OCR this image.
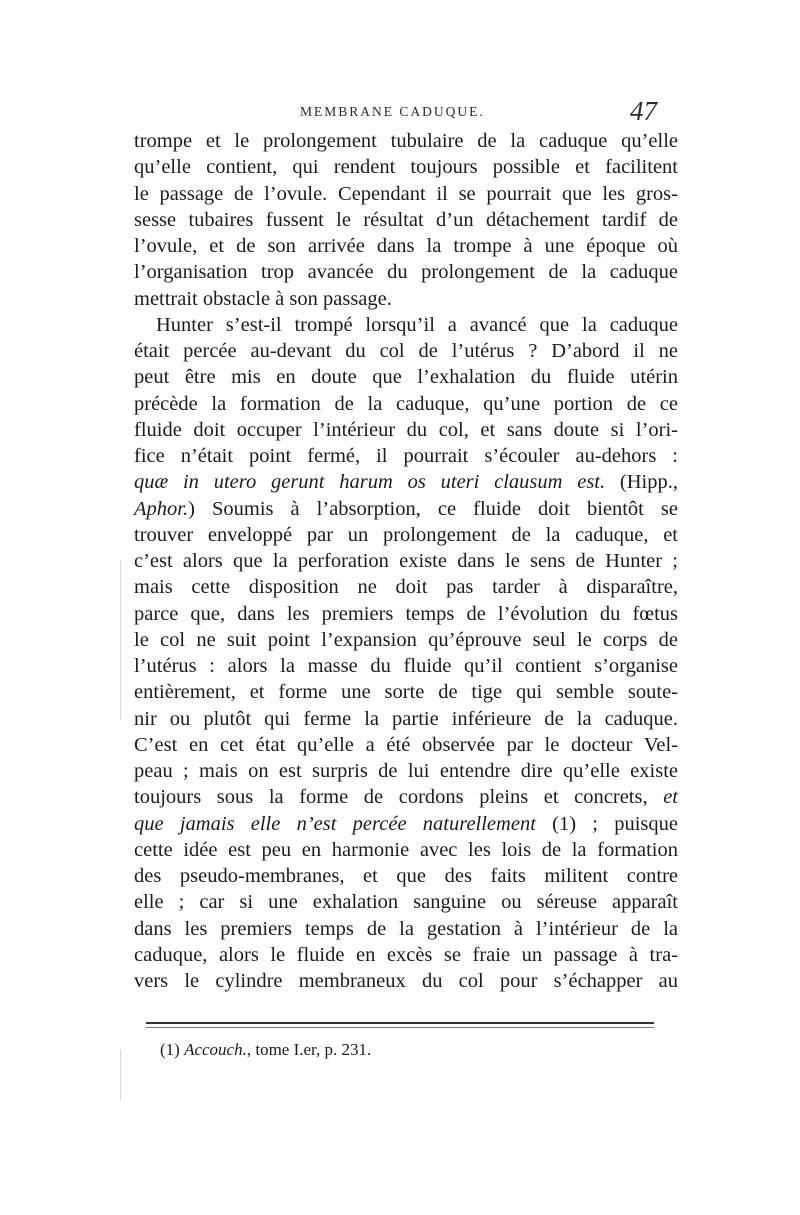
MEMBRANE CADUQUE.	47
trompe et le prolongement tubulaire de la caduque qu’elle
qu’elle contient, qui rendent toujours possible et facilitent
le passage de l’ovule. Cependant il se pourrait que les gros-
sesse tubaires fussent le résultat d’un détachement tardif de
l’ovule, et de son arrivée dans la trompe à une époque où
l’organisation trop avancée du prolongement de la caduque
mettrait obstacle à son passage.
Hunter s’est-il trompé lorsqu’il a avancé que la caduque
était percée au-devant du col de l’utérus ? D’abord il ne
peut être mis en doute que l’exhalation du fluide utérin
précède la formation de la caduque, qu’une portion de ce
fluide doit occuper l’intérieur du col, et sans doute si l’ori-
fice n’était point fermé, il pourrait s’écouler au-dehors :
quæ in utero gerunt harum os uteri clausum est. (Hipp.,
Aphor.) Soumis à l’absorption, ce fluide doit bientôt se
trouver enveloppé par un prolongement de la caduque, et
c’est alors que la perforation existe dans le sens de Hunter ;
mais cette disposition ne doit pas tarder à disparaître,
parce que, dans les premiers temps de l’évolution du fœtus
le col ne suit point l’expansion qu’éprouve seul le corps de
l’utérus : alors la masse du fluide qu’il contient s’organise
entièrement, et forme une sorte de tige qui semble soute-
nir ou plutôt qui ferme la partie inférieure de la caduque.
C’est en cet état qu’elle a été observée par le docteur Vel-
peau ; mais on est surpris de lui entendre dire qu’elle existe
toujours sous la forme de cordons pleins et concrets, et
que jamais elle n’est percée naturellement (1) ; puisque
cette idée est peu en harmonie avec les lois de la formation
des pseudo-membranes, et que des faits militent contre
elle ; car si une exhalation sanguine ou séreuse apparaît
dans les premiers temps de la gestation à l’intérieur de la
caduque, alors le fluide en excès se fraie un passage à tra-
vers le cylindre membraneux du col pour s’échapper au
(1) Accouch., tome I.er, p. 231.
